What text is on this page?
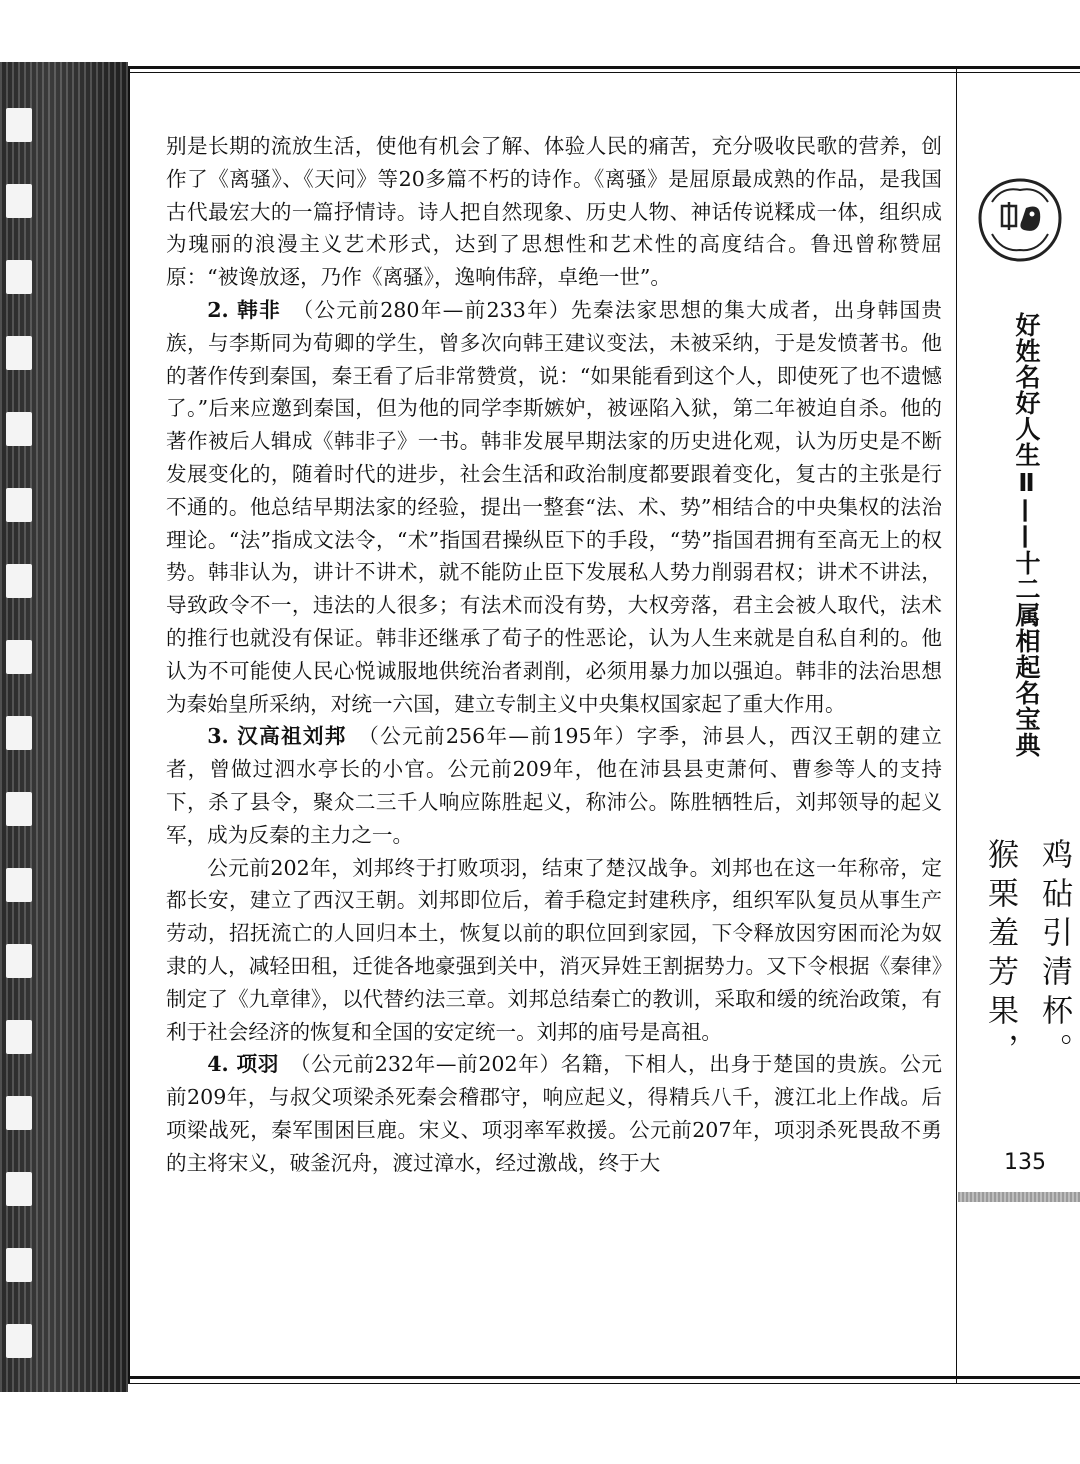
别是长期的流放生活，使他有机会了解、体验人民的痛苦，充分吸收民歌的营养，创作了《离骚》、《天问》等20多篇不朽的诗作。《离骚》是屈原最成熟的作品，是我国古代最宏大的一篇抒情诗。诗人把自然现象、历史人物、神话传说糅成一体，组织成为瑰丽的浪漫主义艺术形式，达到了思想性和艺术性的高度结合。鲁迅曾称赞屈原：“被谗放逐，乃作《离骚》，逸响伟辞，卓绝一世”。

2. 韩非　 （公元前280年—前233年）先秦法家思想的集大成者，出身韩国贵族，与李斯同为荀卿的学生，曾多次向韩王建议变法，未被采纳，于是发愤著书。他的著作传到秦国，秦王看了后非常赞赏，说：“如果能看到这个人，即使死了也不遗憾了。”后来应邀到秦国，但为他的同学李斯嫉妒，被诬陷入狱，第二年被迫自杀。他的著作被后人辑成《韩非子》一书。韩非发展早期法家的历史进化观，认为历史是不断发展变化的，随着时代的进步，社会生活和政治制度都要跟着变化，复古的主张是行不通的。他总结早期法家的经验，提出一整套“法、术、势”相结合的中央集权的法治理论。“法”指成文法令，“术”指国君操纵臣下的手段，“势”指国君拥有至高无上的权势。韩非认为，讲计不讲术，就不能防止臣下发展私人势力削弱君权；讲术不讲法，导致政令不一，违法的人很多；有法术而没有势，大权旁落，君主会被人取代，法术的推行也就没有保证。韩非还继承了荀子的性恶论，认为人生来就是自私自利的。他认为不可能使人民心悦诚服地供统治者剥削，必须用暴力加以强迫。韩非的法治思想为秦始皇所采纳，对统一六国，建立专制主义中央集权国家起了重大作用。

3. 汉高祖刘邦　 （公元前256年—前195年）字季，沛县人，西汉王朝的建立者，曾做过泗水亭长的小官。公元前209年，他在沛县县吏萧何、曹参等人的支持下，杀了县令，聚众二三千人响应陈胜起义，称沛公。陈胜牺牲后，刘邦领导的起义军，成为反秦的主力之一。

公元前202年，刘邦终于打败项羽，结束了楚汉战争。刘邦也在这一年称帝，定都长安，建立了西汉王朝。刘邦即位后，着手稳定封建秩序，组织军队复员从事生产劳动，招抚流亡的人回归本土，恢复以前的职位回到家园，下令释放因穷困而沦为奴隶的人，减轻田租，迁徙各地豪强到关中，消灭异姓王割据势力。又下令根据《秦律》制定了《九章律》，以代替约法三章。刘邦总结秦亡的教训，采取和缓的统治政策，有利于社会经济的恢复和全国的安定统一。刘邦的庙号是高祖。

4. 项羽　 （公元前232年—前202年）名籍，下相人，出身于楚国的贵族。公元前209年，与叔父项梁杀死秦会稽郡守，响应起义，得精兵八千，渡江北上作战。后项梁战死，秦军围困巨鹿。宋义、项羽率军救援。公元前207年，项羽杀死畏敌不勇的主将宋义，破釜沉舟，渡过漳水，经过激战，终于大

好姓名好人生Ⅱ——十二属相起名宝典
鸡砧引清杯。
猴栗羞芳果，
135
